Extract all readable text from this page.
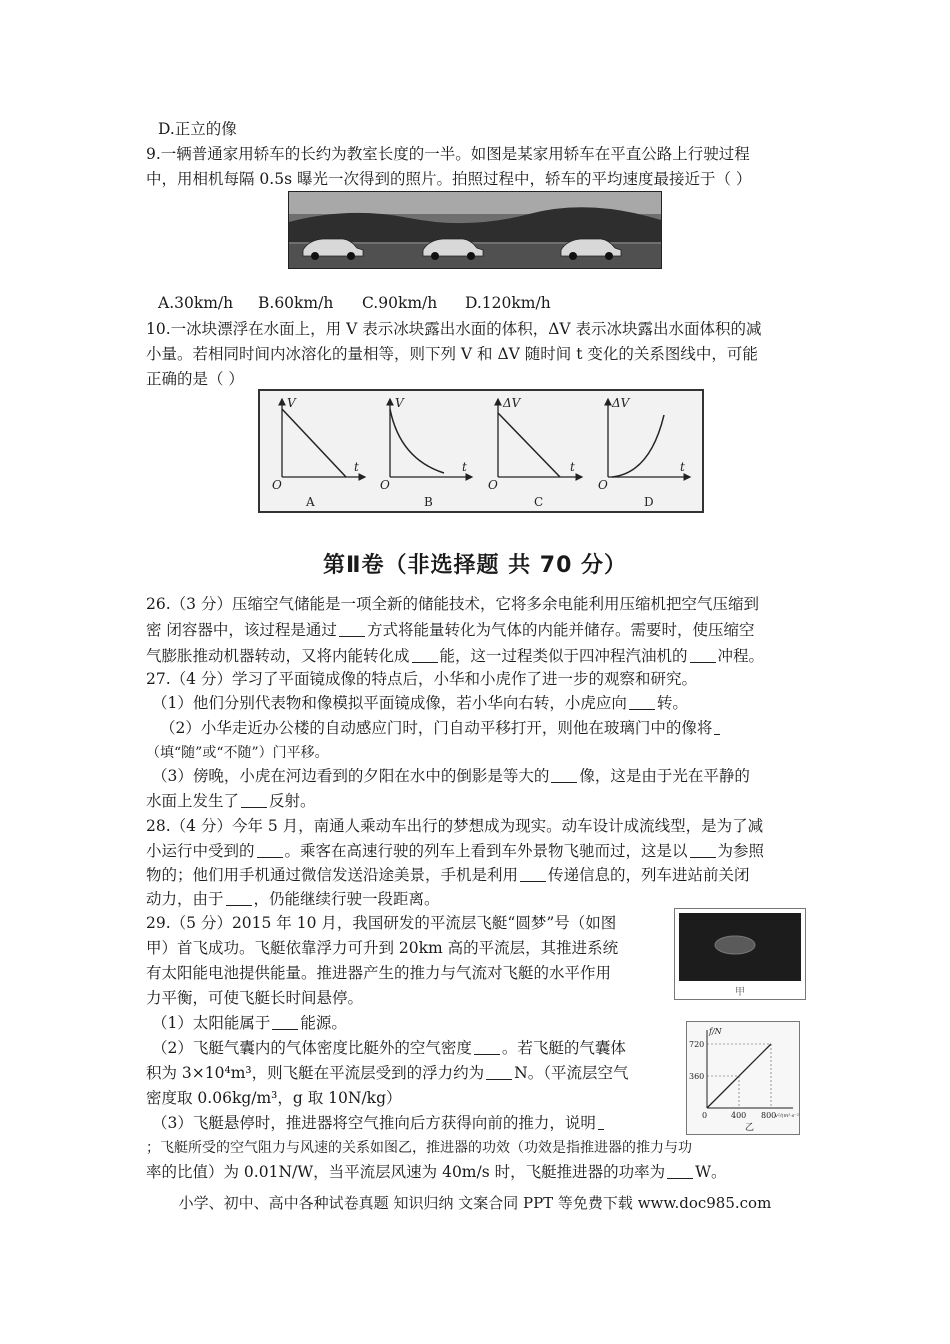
D.正立的像
9.一辆普通家用轿车的长约为教室长度的一半。如图是某家用轿车在平直公路上行驶过程
中，用相机每隔 0.5s 曝光一次得到的照片。拍照过程中，轿车的平均速度最接近于（ ）
A.30km/h B.60km/h C.90km/h D.120km/h
10.一冰块漂浮在水面上，用 V 表示冰块露出水面的体积，ΔV 表示冰块露出水面体积的减
小量。若相同时间内冰溶化的量相等，则下列 V 和 ΔV 随时间 t 变化的关系图线中，可能
正确的是（ ）
V
t
O
A
V
t
O
B
ΔV
t
O
C
ΔV
t
O
D
第Ⅱ卷（非选择题 共 70 分）
26.（3 分）压缩空气储能是一项全新的储能技术，它将多余电能利用压缩机把空气压缩到
密 闭容器中，该过程是通过 方式将能量转化为气体的内能并储存。需要时，使压缩空
气膨胀推动机器转动，又将内能转化成 能，这一过程类似于四冲程汽油机的 冲程。
27.（4 分）学习了平面镜成像的特点后，小华和小虎作了进一步的观察和研究。
（1）他们分别代表物和像模拟平面镜成像，若小华向右转，小虎应向 转。
（2）小华走近办公楼的自动感应门时，门自动平移打开，则他在玻璃门中的像将
（填“随”或“不随”）门平移。
（3）傍晚，小虎在河边看到的夕阳在水中的倒影是等大的 像，这是由于光在平静的
水面上发生了 反射。
28.（4 分）今年 5 月，南通人乘动车出行的梦想成为现实。动车设计成流线型，是为了减
小运行中受到的 。乘客在高速行驶的列车上看到车外景物飞驰而过，这是以 为参照
物的；他们用手机通过微信发送沿途美景，手机是利用 传递信息的，列车进站前关闭
动力，由于 ，仍能继续行驶一段距离。
29.（5 分）2015 年 10 月，我国研发的平流层飞艇“圆梦”号（如图
甲）首飞成功。飞艇依靠浮力可升到 20km 高的平流层，其推进系统
有太阳能电池提供能量。推进器产生的推力与气流对飞艇的水平作用
力平衡，可使飞艇长时间悬停。
（1）太阳能属于 能源。
（2）飞艇气囊内的气体密度比艇外的空气密度 。若飞艇的气囊体
积为 3×10⁴m³，则飞艇在平流层受到的浮力约为 N。（平流层空气
密度取 0.06kg/m³，g 取 10N/kg）
（3）飞艇悬停时，推进器将空气推向后方获得向前的推力，说明
；飞艇所受的空气阻力与风速的关系如图乙，推进器的功效（功效是指推进器的推力与功
率的比值）为 0.01N/W，当平流层风速为 40m/s 时，飞艇推进器的功率为 W。
甲
f/N
720
360
0	400 800
v²/(m²·s⁻²)
乙
小学、初中、高中各种试卷真题 知识归纳 文案合同 PPT 等免费下载 www.doc985.com
